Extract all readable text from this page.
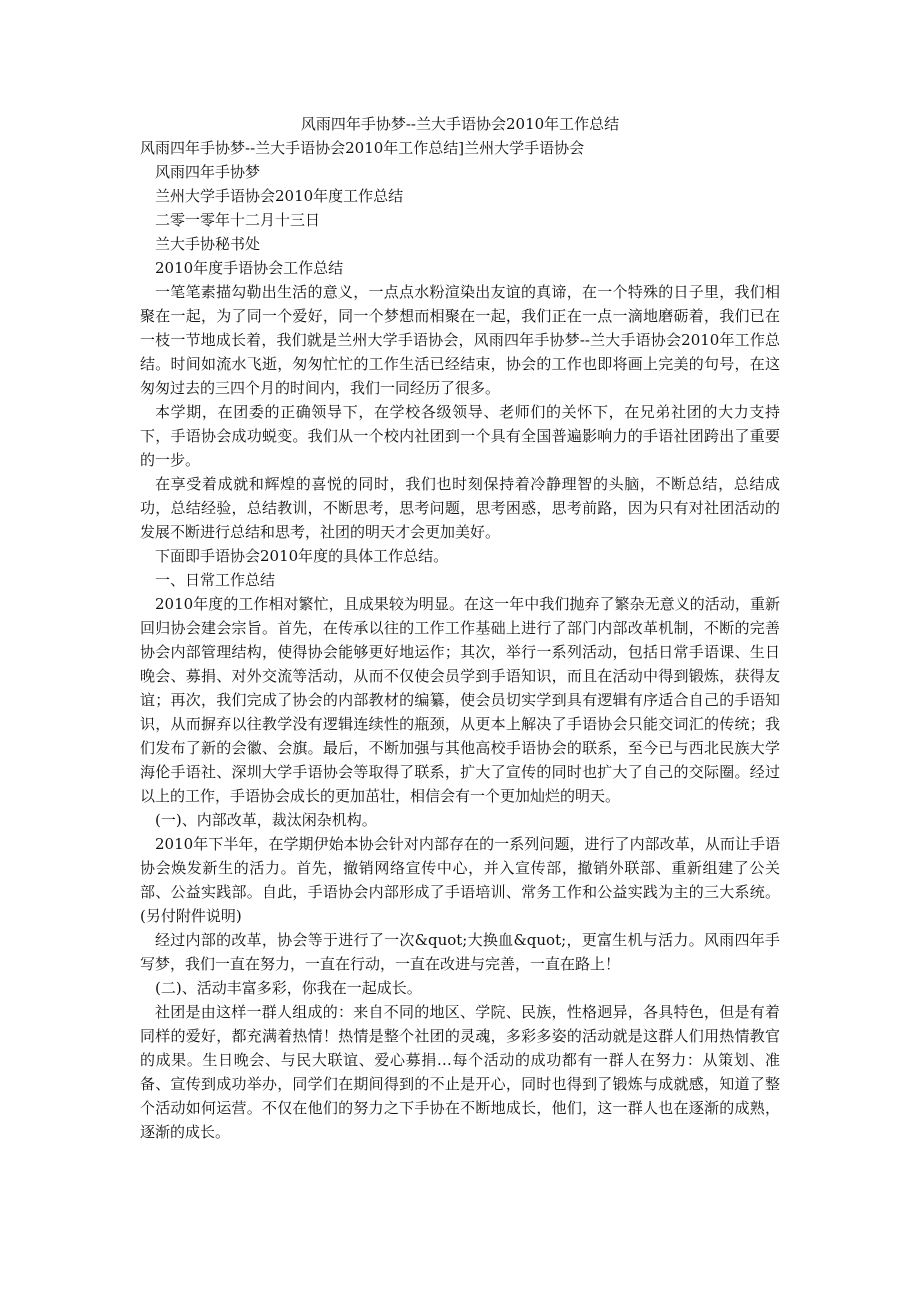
风雨四年手协梦--兰大手语协会2010年工作总结

风雨四年手协梦--兰大手语协会2010年工作总结]兰州大学手语协会

风雨四年手协梦

兰州大学手语协会2010年度工作总结

二零一零年十二月十三日

兰大手协秘书处

2010年度手语协会工作总结

一笔笔素描勾勒出生活的意义，一点点水粉渲染出友谊的真谛，在一个特殊的日子里，我们相聚在一起，为了同一个爱好，同一个梦想而相聚在一起，我们正在一点一滴地磨砺着，我们已在一枝一节地成长着，我们就是兰州大学手语协会，风雨四年手协梦--兰大手语协会2010年工作总结。时间如流水飞逝，匆匆忙忙的工作生活已经结束，协会的工作也即将画上完美的句号，在这匆匆过去的三四个月的时间内，我们一同经历了很多。

本学期，在团委的正确领导下，在学校各级领导、老师们的关怀下，在兄弟社团的大力支持下，手语协会成功蜕变。我们从一个校内社团到一个具有全国普遍影响力的手语社团跨出了重要的一步。

在享受着成就和辉煌的喜悦的同时，我们也时刻保持着冷静理智的头脑，不断总结，总结成功，总结经验，总结教训，不断思考，思考问题，思考困惑，思考前路，因为只有对社团活动的发展不断进行总结和思考，社团的明天才会更加美好。

下面即手语协会2010年度的具体工作总结。

一、日常工作总结

2010年度的工作相对繁忙，且成果较为明显。在这一年中我们抛弃了繁杂无意义的活动，重新回归协会建会宗旨。首先，在传承以往的工作工作基础上进行了部门内部改革机制，不断的完善协会内部管理结构，使得协会能够更好地运作；其次，举行一系列活动，包括日常手语课、生日晚会、募捐、对外交流等活动，从而不仅使会员学到手语知识，而且在活动中得到锻炼，获得友谊；再次，我们完成了协会的内部教材的编纂，使会员切实学到具有逻辑有序适合自己的手语知识，从而摒弃以往教学没有逻辑连续性的瓶颈，从更本上解决了手语协会只能交词汇的传统；我们发布了新的会徽、会旗。最后，不断加强与其他高校手语协会的联系，至今已与西北民族大学海伦手语社、深圳大学手语协会等取得了联系，扩大了宣传的同时也扩大了自己的交际圈。经过以上的工作，手语协会成长的更加茁壮，相信会有一个更加灿烂的明天。

(一)、内部改革，裁汰闲杂机构。

2010年下半年，在学期伊始本协会针对内部存在的一系列问题，进行了内部改革，从而让手语协会焕发新生的活力。首先，撤销网络宣传中心，并入宣传部，撤销外联部、重新组建了公关部、公益实践部。自此，手语协会内部形成了手语培训、常务工作和公益实践为主的三大系统。(另付附件说明)

经过内部的改革，协会等于进行了一次&quot;大换血&quot;，更富生机与活力。风雨四年手写梦，我们一直在努力，一直在行动，一直在改进与完善，一直在路上！

(二)、活动丰富多彩，你我在一起成长。

社团是由这样一群人组成的：来自不同的地区、学院、民族，性格迥异，各具特色，但是有着同样的爱好，都充满着热情！热情是整个社团的灵魂，多彩多姿的活动就是这群人们用热情教官的成果。生日晚会、与民大联谊、爱心募捐…每个活动的成功都有一群人在努力：从策划、准备、宣传到成功举办，同学们在期间得到的不止是开心，同时也得到了锻炼与成就感，知道了整个活动如何运营。不仅在他们的努力之下手协在不断地成长，他们，这一群人也在逐渐的成熟，逐渐的成长。
